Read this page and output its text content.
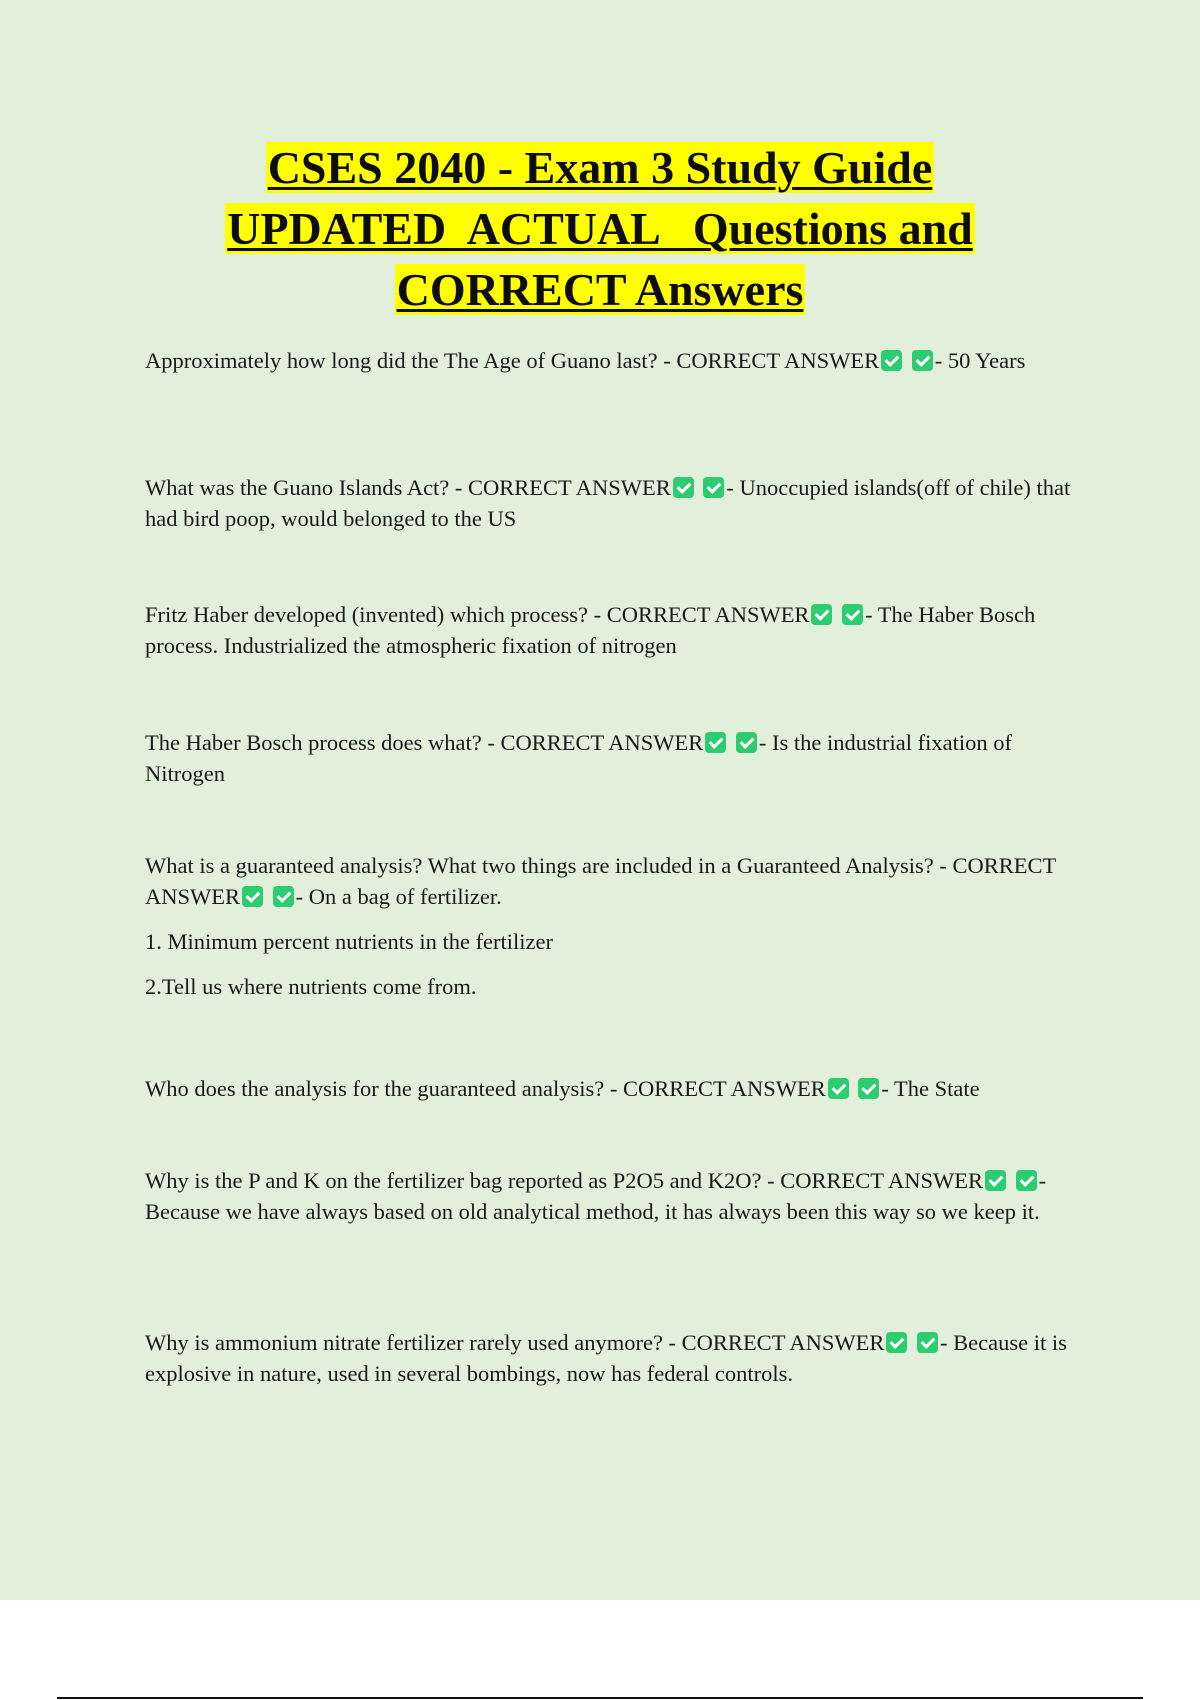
CSES 2040 - Exam 3 Study Guide
UPDATED  ACTUAL   Questions and
CORRECT Answers

Approximately how long did the The Age of Guano last? - CORRECT ANSWER - 50 Years

What was the Guano Islands Act? - CORRECT ANSWER - Unoccupied islands(off of chile) that had bird poop, would belonged to the US

Fritz Haber developed (invented) which process? - CORRECT ANSWER - The Haber Bosch process. Industrialized the atmospheric fixation of nitrogen

The Haber Bosch process does what? - CORRECT ANSWER - Is the industrial fixation of Nitrogen

What is a guaranteed analysis? What two things are included in a Guaranteed Analysis? - CORRECT ANSWER - On a bag of fertilizer.

1. Minimum percent nutrients in the fertilizer

2.Tell us where nutrients come from.

Who does the analysis for the guaranteed analysis? - CORRECT ANSWER - The State

Why is the P and K on the fertilizer bag reported as P2O5 and K2O? - CORRECT ANSWER - Because we have always based on old analytical method, it has always been this way so we keep it.

Why is ammonium nitrate fertilizer rarely used anymore? - CORRECT ANSWER - Because it is explosive in nature, used in several bombings, now has federal controls.
